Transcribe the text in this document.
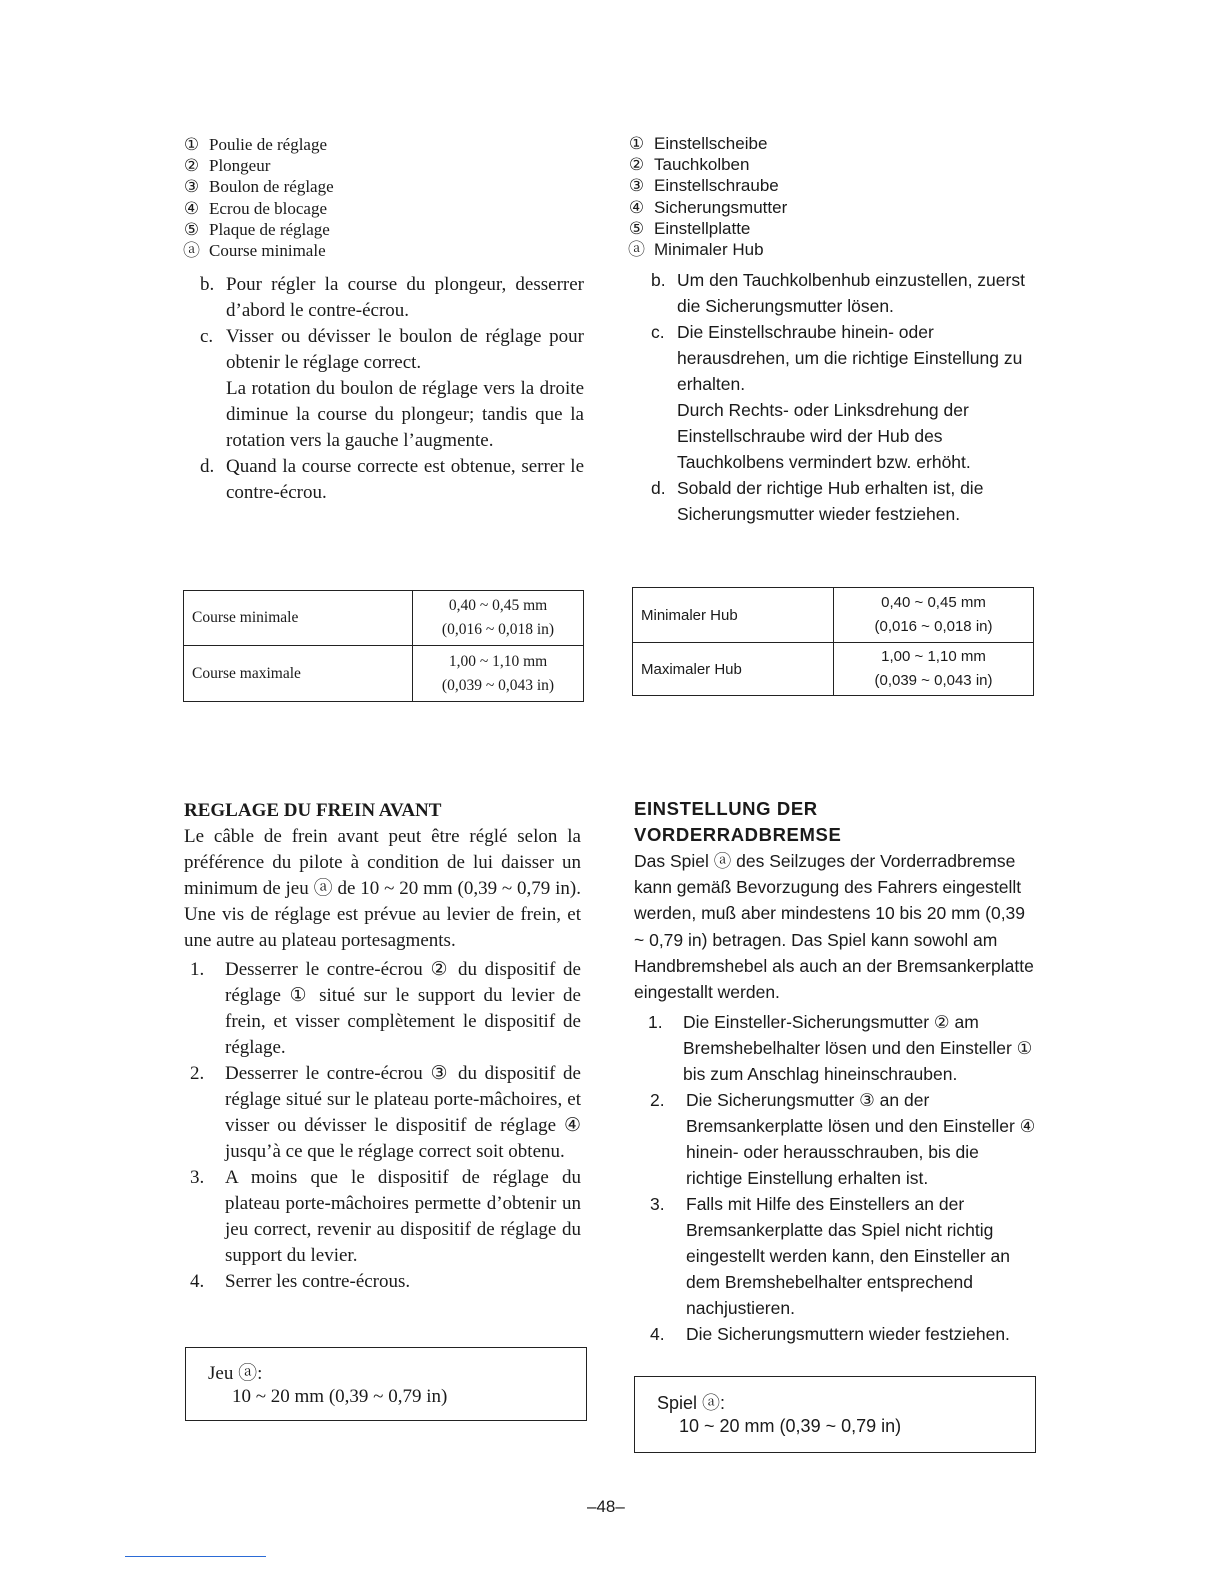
① Poulie de réglage
② Plongeur
③ Boulon de réglage
④ Ecrou de blocage
⑤ Plaque de réglage
ⓐ Course minimale
b. Pour régler la course du plongeur, desserrer d’abord le contre-écrou.

c. Visser ou dévisser le boulon de réglage pour obtenir le réglage correct.

La rotation du boulon de réglage vers la droite diminue la course du plongeur; tandis que la rotation vers la gauche l’augmente.

d. Quand la course correcte est obtenue, serrer le contre-écrou.

Course minimale	0,40 ~ 0,45 mm
(0,016 ~ 0,018 in)

Course maximale	1,00 ~ 1,10 mm
(0,039 ~ 0,043 in)
① Einstellscheibe
② Tauchkolben
③ Einstellschraube
④ Sicherungsmutter
⑤ Einstellplatte
ⓐ Minimaler Hub
b. Um den Tauchkolbenhub einzustellen, zuerst die Sicherungsmutter lösen.

c. Die Einstellschraube hinein- oder herausdrehen, um die richtige Einstellung zu erhalten.

Durch Rechts- oder Linksdrehung der Einstellschraube wird der Hub des Tauchkolbens vermindert bzw. erhöht.

d. Sobald der richtige Hub erhalten ist, die Sicherungsmutter wieder festziehen.

Minimaler Hub	0,40 ~ 0,45 mm
(0,016 ~ 0,018 in)

Maximaler Hub	1,00 ~ 1,10 mm
(0,039 ~ 0,043 in)
REGLAGE DU FREIN AVANT

Le câble de frein avant peut être réglé selon la préférence du pilote à condition de lui daisser un minimum de jeu ⓐ de 10 ~ 20 mm (0,39 ~ 0,79 in). Une vis de réglage est prévue au levier de frein, et une autre au plateau portesagments.

1.	Desserrer le contre-écrou ② du dispositif de réglage ① situé sur le support du levier de frein, et visser complètement le dispositif de réglage.

2.	Desserrer le contre-écrou ③ du dispositif de réglage situé sur le plateau porte-mâchoires, et visser ou dévisser le dispositif de réglage ④ jusqu’à ce que le réglage correct soit obtenu.

3.	A moins que le dispositif de réglage du plateau porte-mâchoires permette d’obtenir un jeu correct, revenir au dispositif de réglage du support du levier.

4.	Serrer les contre-écrous.

Jeu ⓐ:
10 ~ 20 mm (0,39 ~ 0,79 in)
EINSTELLUNG DER
VORDERRADBREMSE

Das Spiel ⓐ des Seilzuges der Vorderradbremse kann gemäß Bevorzugung des Fahrers eingestellt werden, muß aber mindestens 10 bis 20 mm (0,39 ~ 0,79 in) betragen. Das Spiel kann sowohl am Handbremshebel als auch an der Bremsankerplatte eingestallt werden.

1.	Die Einsteller-Sicherungsmutter ② am Bremshebelhalter lösen und den Einsteller ① bis zum Anschlag hineinschrauben.

2.	Die Sicherungsmutter ③ an der Bremsankerplatte lösen und den Einsteller ④ hinein- oder herausschrauben, bis die richtige Einstellung erhalten ist.

3.	Falls mit Hilfe des Einstellers an der Bremsankerplatte das Spiel nicht richtig eingestellt werden kann, den Einsteller an dem Bremshebelhalter entsprechend nachjustieren.

4.	Die Sicherungsmuttern wieder festziehen.

Spiel ⓐ:
10 ~ 20 mm (0,39 ~ 0,79 in)
–48–
